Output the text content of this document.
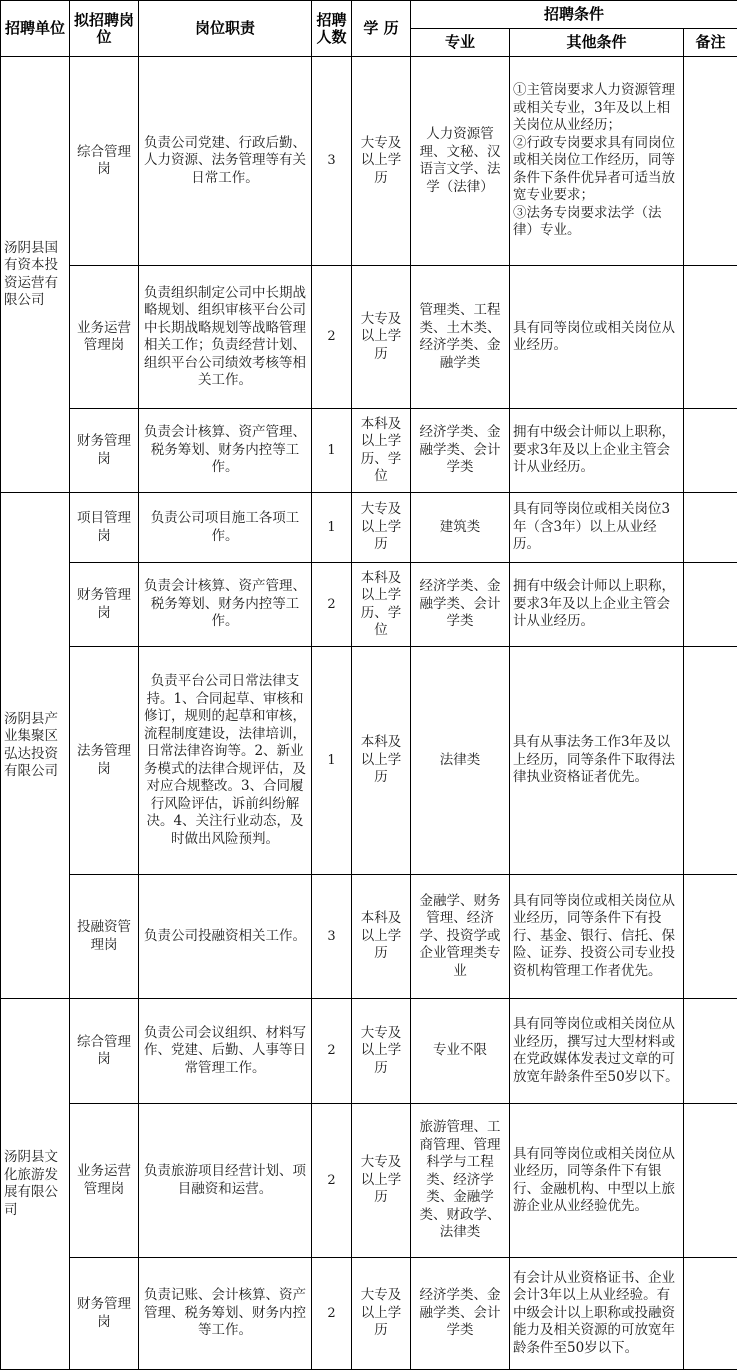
招聘单位	拟招聘岗位	岗位职责	招聘人数	学 历	招聘条件		
					专业	其他条件	备注
汤阴县国有资本投资运营有限公司	综合管理岗	负责公司党建、行政后勤、人力资源、法务管理等有关日常工作。	3	大专及以上学历	人力资源管理、文秘、汉语言文学、法学（法律）	①主管岗要求人力资源管理或相关专业，3年及以上相关岗位从业经历；
②行政专岗要求具有同岗位或相关岗位工作经历，同等条件下条件优异者可适当放宽专业要求；
③法务专岗要求法学（法律）专业。	
	业务运营管理岗	负责组织制定公司中长期战略规划、组织审核平台公司中长期战略规划等战略管理相关工作；负责经营计划、组织平台公司绩效考核等相关工作。	2	大专及以上学历	管理类、工程类、土木类、经济学类、金融学类	具有同等岗位或相关岗位从业经历。	
	财务管理岗	负责会计核算、资产管理、税务筹划、财务内控等工作。	1	本科及以上学历、学位	经济学类、金融学类、会计学类	拥有中级会计师以上职称，要求3年及以上企业主管会计从业经历。	
汤阴县产业集聚区弘达投资有限公司	项目管理岗	负责公司项目施工各项工作。	1	大专及以上学历	建筑类	具有同等岗位或相关岗位3年（含3年）以上从业经历。	
	财务管理岗	负责会计核算、资产管理、税务筹划、财务内控等工作。	2	本科及以上学历、学位	经济学类、金融学类、会计学类	拥有中级会计师以上职称，要求3年及以上企业主管会计从业经历。	
	法务管理岗	负责平台公司日常法律支持。1、合同起草、审核和修订，规则的起草和审核，流程制度建设，法律培训，日常法律咨询等。2、新业务模式的法律合规评估，及对应合规整改。3、合同履行风险评估，诉前纠纷解决。4、关注行业动态，及时做出风险预判。	1	本科及以上学历	法律类	具有从事法务工作3年及以上经历，同等条件下取得法律执业资格证者优先。	
	投融资管理岗	负责公司投融资相关工作。	3	本科及以上学历	金融学、财务管理、经济学、投资学或企业管理类专业	具有同等岗位或相关岗位从业经历，同等条件下有投行、基金、银行、信托、保险、证券、投资公司专业投资机构管理工作者优先。	
汤阴县文化旅游发展有限公司	综合管理岗	负责公司会议组织、材料写作、党建、后勤、人事等日常管理工作。	2	大专及以上学历	专业不限	具有同等岗位或相关岗位从业经历，撰写过大型材料或在党政媒体发表过文章的可放宽年龄条件至50岁以下。	
	业务运营管理岗	负责旅游项目经营计划、项目融资和运营。	2	大专及以上学历	旅游管理、工商管理、管理科学与工程类、经济学类、金融学类、财政学、法律类	具有同等岗位或相关岗位从业经历，同等条件下有银行、金融机构、中型以上旅游企业从业经验优先。	
	财务管理岗	负责记账、会计核算、资产管理、税务筹划、财务内控等工作。	2	大专及以上学历	经济学类、金融学类、会计学类	有会计从业资格证书、企业会计3年以上从业经验。有中级会计以上职称或投融资能力及相关资源的可放宽年龄条件至50岁以下。	
